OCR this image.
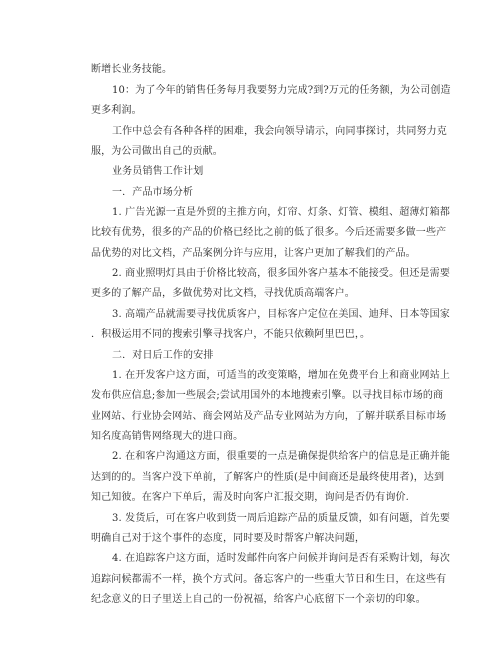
断增长业务技能。
10：为了今年的销售任务每月我要努力完成?到?万元的任务额，为公司创造
更多利润。
工作中总会有各种各样的困难，我会向领导请示，向同事探讨，共同努力克
服，为公司做出自己的贡献。
业务员销售工作计划
一．产品市场分析
1. 广告光源一直是外贸的主推方向，灯帘、灯条、灯管、模组、超薄灯箱都
比较有优势，很多的产品的价格已经比之前的低了很多。今后还需要多做一些产
品优势的对比文档，产品案例分许与应用，让客户更加了解我们的产品。
2. 商业照明灯具由于价格比较高，很多国外客户基本不能接受。但还是需要
更多的了解产品，多做优势对比文档，寻找优质高端客户。
3. 高端产品就需要寻找优质客户，目标客户定位在美国、迪拜、日本等国家
．积极运用不同的搜索引擎寻找客户，不能只依赖阿里巴巴，。
二．对日后工作的安排
1. 在开发客户这方面，可适当的改变策略，增加在免费平台上和商业网站上
发布供应信息;参加一些展会;尝试用国外的本地搜索引擎。以寻找目标市场的商
业网站、行业协会网站、商会网站及产品专业网站为方向，了解并联系目标市场
知名度高销售网络现大的进口商。
2. 在和客户沟通这方面，很重要的一点是确保提供给客户的信息是正确并能
达到的的。当客户没下单前，了解客户的性质(是中间商还是最终使用者)，达到
知己知彼。在客户下单后，需及时向客户汇报交期，询问是否仍有询价.
3. 发货后，可在客户收到货一周后追踪产品的质量反馈，如有问题，首先要
明确自己对于这个事件的态度，同时要及时帮客户解决问题，
4. 在追踪客户这方面，适时发邮件向客户问候并询问是否有采购计划，每次
追踪问候都需不一样，换个方式问。备忘客户的一些重大节日和生日，在这些有
纪念意义的日子里送上自己的一份祝福，给客户心底留下一个亲切的印象。
